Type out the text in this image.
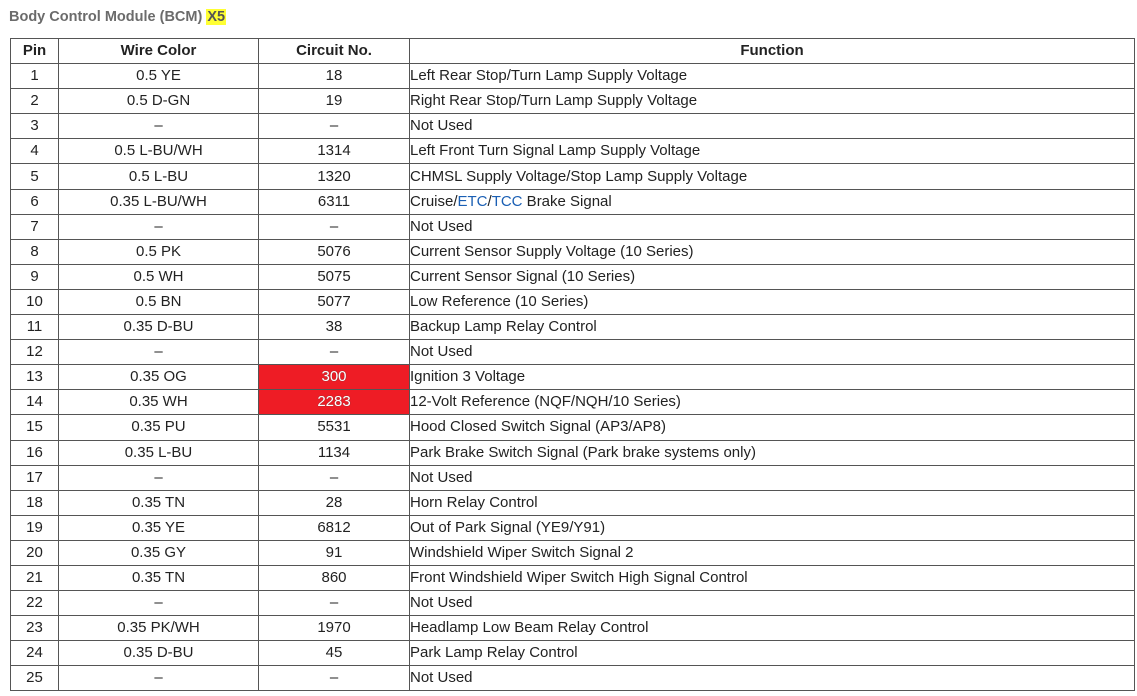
Body Control Module (BCM) X5
Pin	Wire Color	Circuit No.	Function
1	0.5 YE	18	Left Rear Stop/Turn Lamp Supply Voltage
2	0.5 D-GN	19	Right Rear Stop/Turn Lamp Supply Voltage
3	–	–	Not Used
4	0.5 L-BU/WH	1314	Left Front Turn Signal Lamp Supply Voltage
5	0.5 L-BU	1320	CHMSL Supply Voltage/Stop Lamp Supply Voltage
6	0.35 L-BU/WH	6311	Cruise/ETC/TCC Brake Signal
7	–	–	Not Used
8	0.5 PK	5076	Current Sensor Supply Voltage (10 Series)
9	0.5 WH	5075	Current Sensor Signal (10 Series)
10	0.5 BN	5077	Low Reference (10 Series)
11	0.35 D-BU	38	Backup Lamp Relay Control
12	–	–	Not Used
13	0.35 OG	300	Ignition 3 Voltage
14	0.35 WH	2283	12-Volt Reference (NQF/NQH/10 Series)
15	0.35 PU	5531	Hood Closed Switch Signal (AP3/AP8)
16	0.35 L-BU	1134	Park Brake Switch Signal (Park brake systems only)
17	–	–	Not Used
18	0.35 TN	28	Horn Relay Control
19	0.35 YE	6812	Out of Park Signal (YE9/Y91)
20	0.35 GY	91	Windshield Wiper Switch Signal 2
21	0.35 TN	860	Front Windshield Wiper Switch High Signal Control
22	–	–	Not Used
23	0.35 PK/WH	1970	Headlamp Low Beam Relay Control
24	0.35 D-BU	45	Park Lamp Relay Control
25	–	–	Not Used
